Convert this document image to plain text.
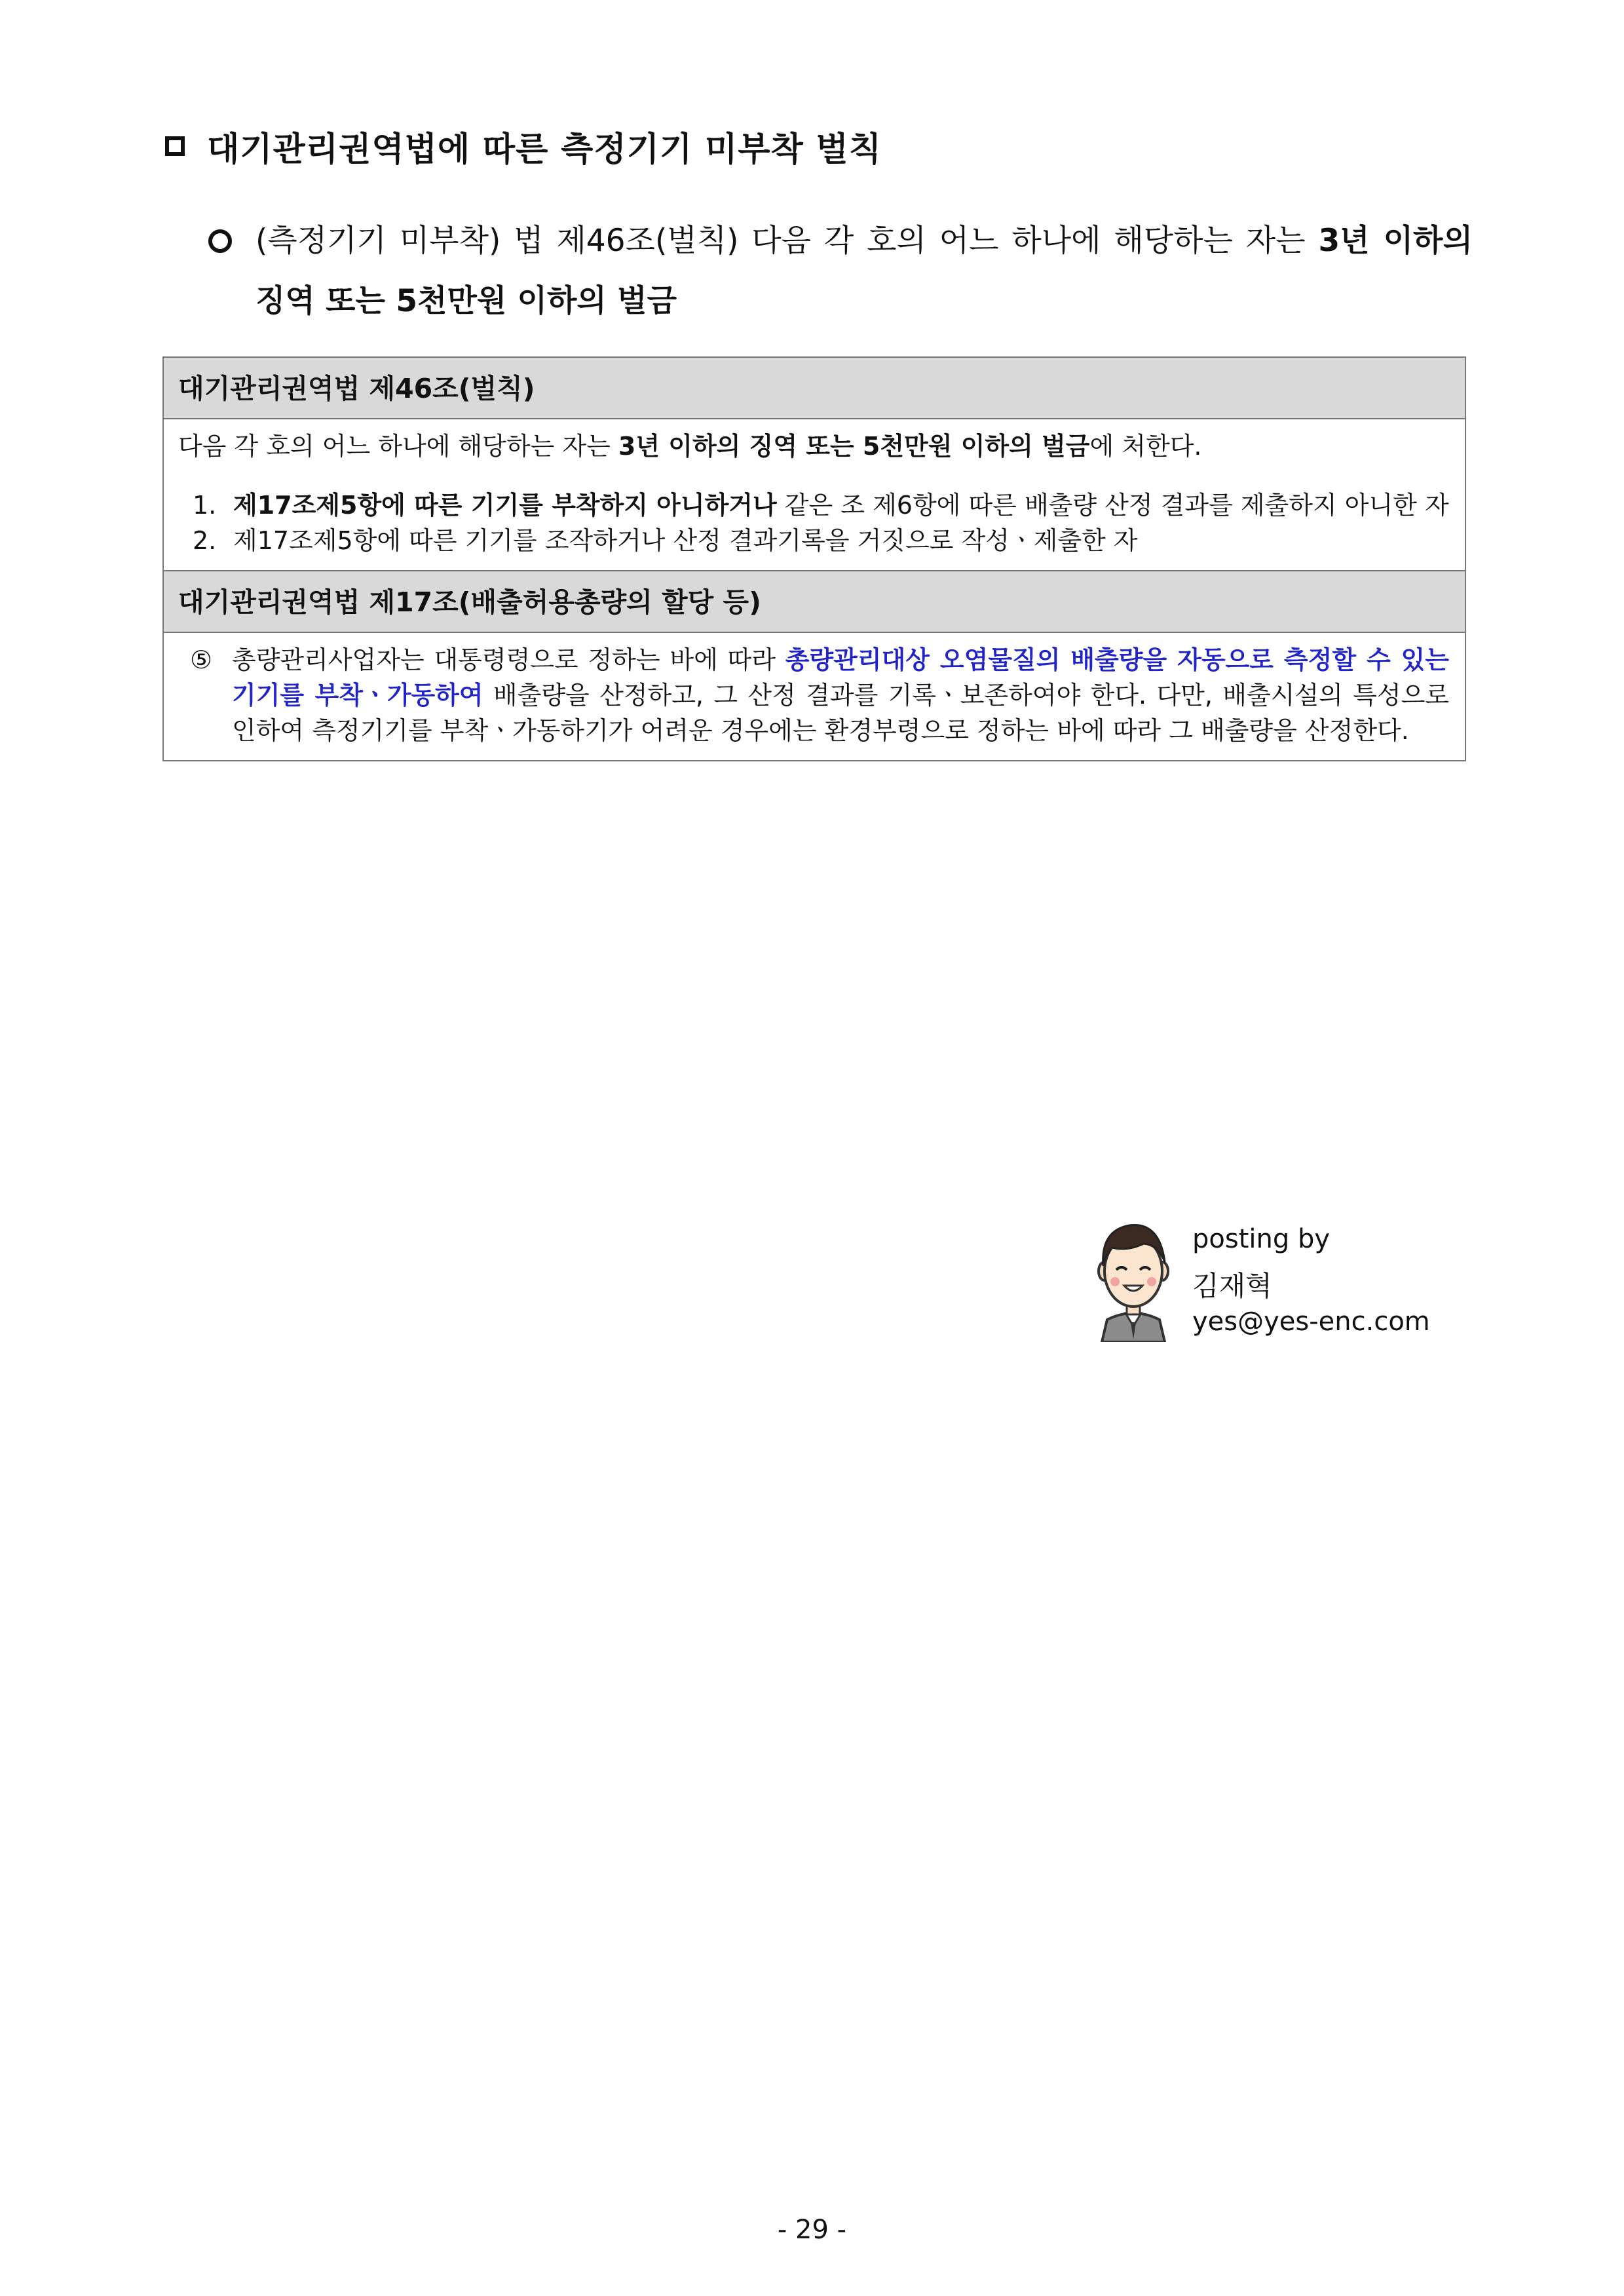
대기관리권역법에 따른 측정기기 미부착 벌칙
(측정기기 미부착) 법 제46조(벌칙) 다음 각 호의 어느 하나에 해당하는 자는 3년 이하의 징역 또는 5천만원 이하의 벌금
대기관리권역법 제46조(벌칙)
다음 각 호의 어느 하나에 해당하는 자는 3년 이하의 징역 또는 5천만원 이하의 벌금에 처한다.
1. 제17조제5항에 따른 기기를 부착하지 아니하거나 같은 조 제6항에 따른 배출량 산정 결과를 제출하지 아니한 자
2. 제17조제5항에 따른 기기를 조작하거나 산정 결과기록을 거짓으로 작성ㆍ제출한 자
대기관리권역법 제17조(배출허용총량의 할당 등)
⑤ 총량관리사업자는 대통령령으로 정하는 바에 따라 총량관리대상 오염물질의 배출량을 자동으로 측정할 수 있는 기기를 부착ㆍ가동하여 배출량을 산정하고, 그 산정 결과를 기록ㆍ보존하여야 한다. 다만, 배출시설의 특성으로 인하여 측정기기를 부착ㆍ가동하기가 어려운 경우에는 환경부령으로 정하는 바에 따라 그 배출량을 산정한다.
posting by
김재혁
yes@yes-enc.com
- 29 -
